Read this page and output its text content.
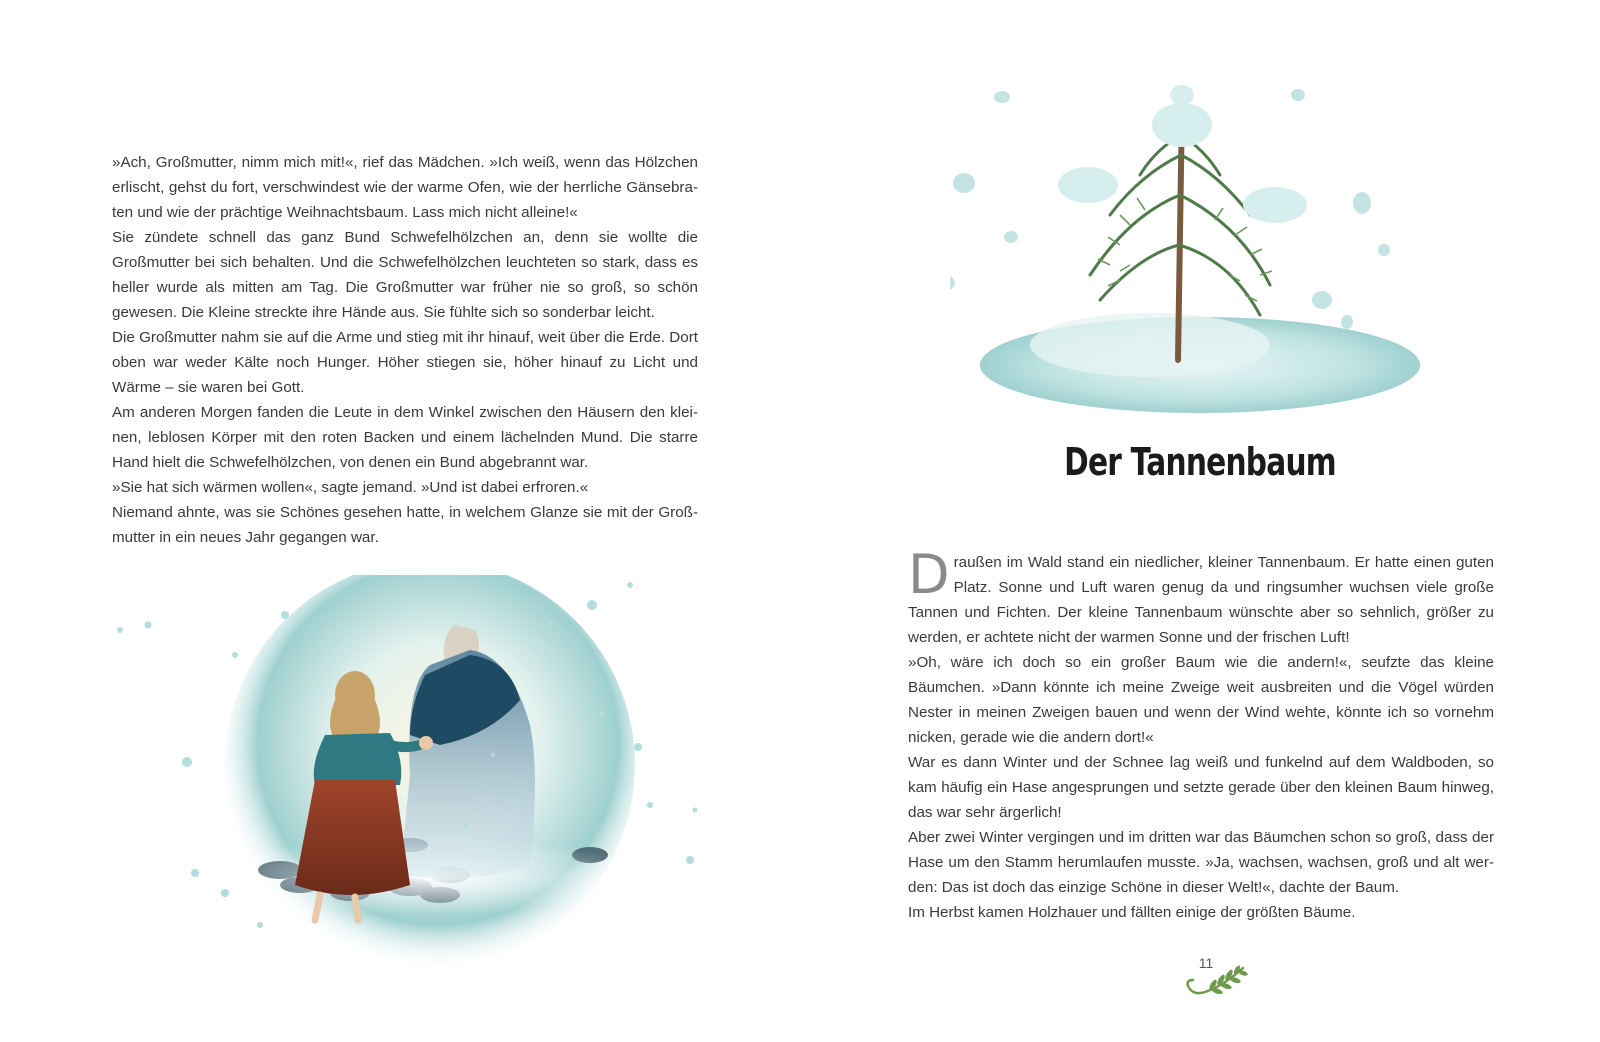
»Ach, Großmutter, nimm mich mit!«, rief das Mädchen. »Ich weiß, wenn das Hölzchen erlischt, gehst du fort, verschwindest wie der warme Ofen, wie der herrliche Gänsebraten und wie der prächtige Weihnachtsbaum. Lass mich nicht alleine!«

Sie zündete schnell das ganz Bund Schwefelhölzchen an, denn sie wollte die Großmutter bei sich behalten. Und die Schwefelhölzchen leuchteten so stark, dass es heller wurde als mitten am Tag. Die Großmutter war früher nie so groß, so schön gewesen. Die Kleine streckte ihre Hände aus. Sie fühlte sich so sonderbar leicht.

Die Großmutter nahm sie auf die Arme und stieg mit ihr hinauf, weit über die Erde. Dort oben war weder Kälte noch Hunger. Höher stiegen sie, höher hinauf zu Licht und Wärme – sie waren bei Gott.

Am anderen Morgen fanden die Leute in dem Winkel zwischen den Häusern den kleinen, leblosen Körper mit den roten Backen und einem lächelnden Mund. Die starre Hand hielt die Schwefelhölzchen, von denen ein Bund abgebrannt war.

»Sie hat sich wärmen wollen«, sagte jemand. »Und ist dabei erfroren.«

Niemand ahnte, was sie Schönes gesehen hatte, in welchem Glanze sie mit der Großmutter in ein neues Jahr gegangen war.

Der Tannenbaum

Draußen im Wald stand ein niedlicher, kleiner Tannenbaum. Er hatte einen guten Platz. Sonne und Luft waren genug da und ringsumher wuchsen viele große Tannen und Fichten. Der kleine Tannenbaum wünschte aber so sehnlich, größer zu werden, er achtete nicht der warmen Sonne und der frischen Luft!

»Oh, wäre ich doch so ein großer Baum wie die andern!«, seufzte das kleine Bäumchen. »Dann könnte ich meine Zweige weit ausbreiten und die Vögel würden Nester in meinen Zweigen bauen und wenn der Wind wehte, könnte ich so vornehm nicken, gerade wie die andern dort!«

War es dann Winter und der Schnee lag weiß und funkelnd auf dem Waldboden, so kam häufig ein Hase angesprungen und setzte gerade über den kleinen Baum hinweg, das war sehr ärgerlich!

Aber zwei Winter vergingen und im dritten war das Bäumchen schon so groß, dass der Hase um den Stamm herumlaufen musste. »Ja, wachsen, wachsen, groß und alt werden: Das ist doch das einzige Schöne in dieser Welt!«, dachte der Baum.

Im Herbst kamen Holzhauer und fällten einige der größten Bäume.

11
